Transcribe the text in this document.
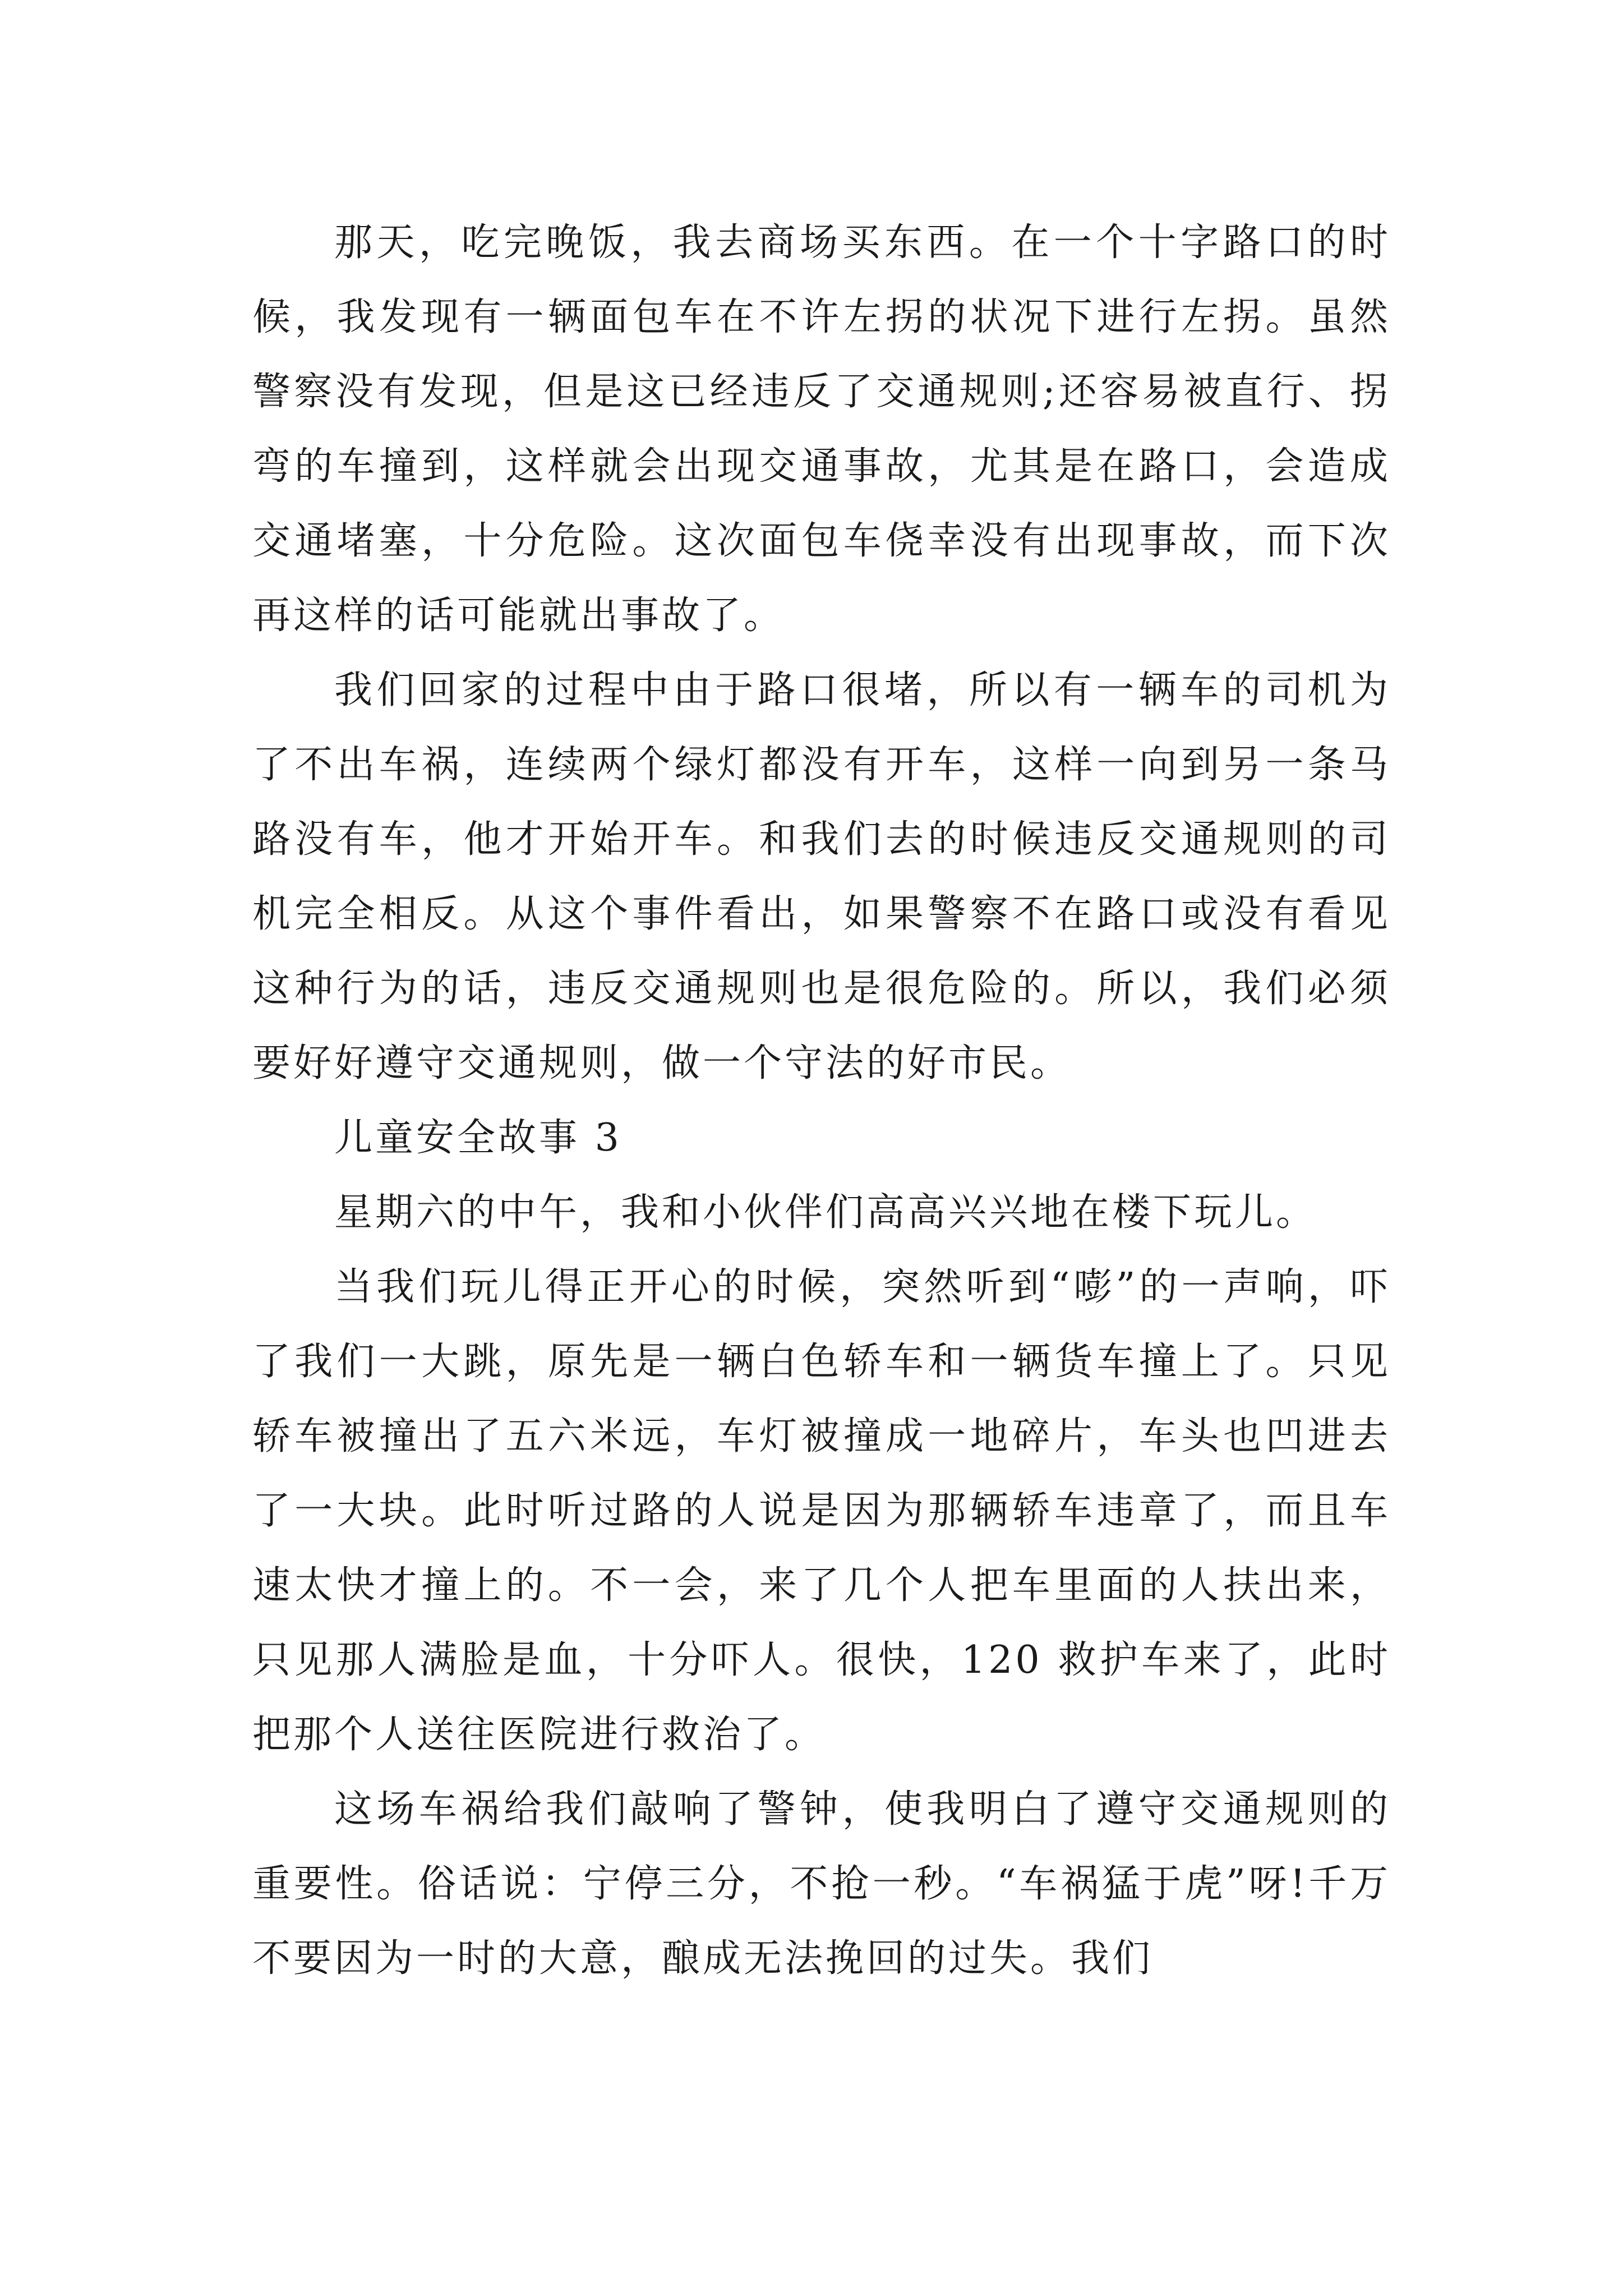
那天，吃完晚饭，我去商场买东西。在一个十字路口的时候，我发现有一辆面包车在不许左拐的状况下进行左拐。虽然警察没有发现，但是这已经违反了交通规则;还容易被直行、拐弯的车撞到，这样就会出现交通事故，尤其是在路口，会造成交通堵塞，十分危险。这次面包车侥幸没有出现事故，而下次再这样的话可能就出事故了。

我们回家的过程中由于路口很堵，所以有一辆车的司机为了不出车祸，连续两个绿灯都没有开车，这样一向到另一条马路没有车，他才开始开车。和我们去的时候违反交通规则的司机完全相反。从这个事件看出，如果警察不在路口或没有看见这种行为的话，违反交通规则也是很危险的。所以，我们必须要好好遵守交通规则，做一个守法的好市民。

儿童安全故事 3

星期六的中午，我和小伙伴们高高兴兴地在楼下玩儿。

当我们玩儿得正开心的时候，突然听到“嘭”的一声响，吓了我们一大跳，原先是一辆白色轿车和一辆货车撞上了。只见轿车被撞出了五六米远，车灯被撞成一地碎片，车头也凹进去了一大块。此时听过路的人说是因为那辆轿车违章了，而且车速太快才撞上的。不一会，来了几个人把车里面的人扶出来，只见那人满脸是血，十分吓人。很快，120 救护车来了，此时把那个人送往医院进行救治了。

这场车祸给我们敲响了警钟，使我明白了遵守交通规则的重要性。俗话说：宁停三分，不抢一秒。“车祸猛于虎”呀!千万不要因为一时的大意，酿成无法挽回的过失。我们
